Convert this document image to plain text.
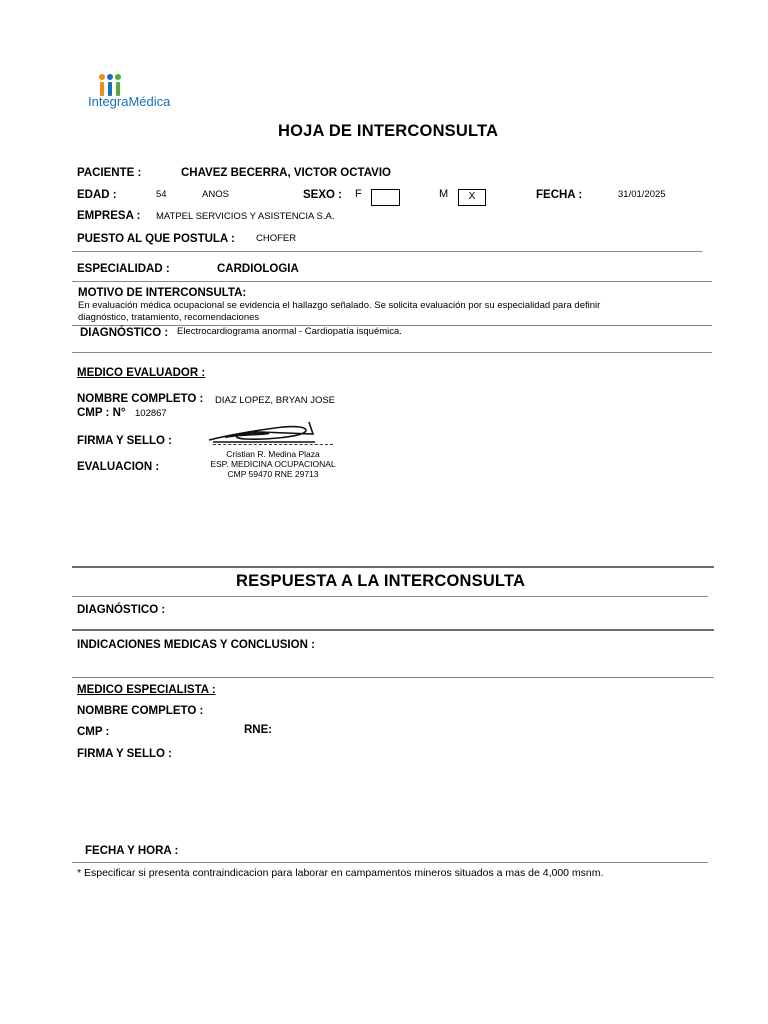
IntegraMédica
HOJA DE INTERCONSULTA
PACIENTE :	CHAVEZ BECERRA, VICTOR OCTAVIO
EDAD :	54	ANOS	SEXO : F	M	X	FECHA :	31/01/2025
EMPRESA : MATPEL SERVICIOS Y ASISTENCIA S.A.
PUESTO AL QUE POSTULA : CHOFER
ESPECIALIDAD :	CARDIOLOGIA
MOTIVO DE INTERCONSULTA:
En evaluación médica ocupacional se evidencia el hallazgo señalado. Se solicita evaluación por su especialidad para definir
diagnóstico, tratamiento, recomendaciones
DIAGNÓSTICO : Electrocardiograma anormal - Cardiopatía isquémica.
MEDICO EVALUADOR :
NOMBRE COMPLETO : DIAZ LOPEZ, BRYAN JOSE
CMP : N° 102867
FIRMA Y SELLO :
EVALUACION :
Cristian R. Medina Plaza
ESP. MEDICINA OCUPACIONAL
CMP 59470 RNE 29713
RESPUESTA A LA INTERCONSULTA
DIAGNÓSTICO :
INDICACIONES MEDICAS Y CONCLUSION :
MEDICO ESPECIALISTA :
NOMBRE COMPLETO :
CMP :	RNE:
FIRMA Y SELLO :
FECHA Y HORA :
* Especificar si presenta contraindicacion para laborar en campamentos mineros situados a mas de 4,000 msnm.
